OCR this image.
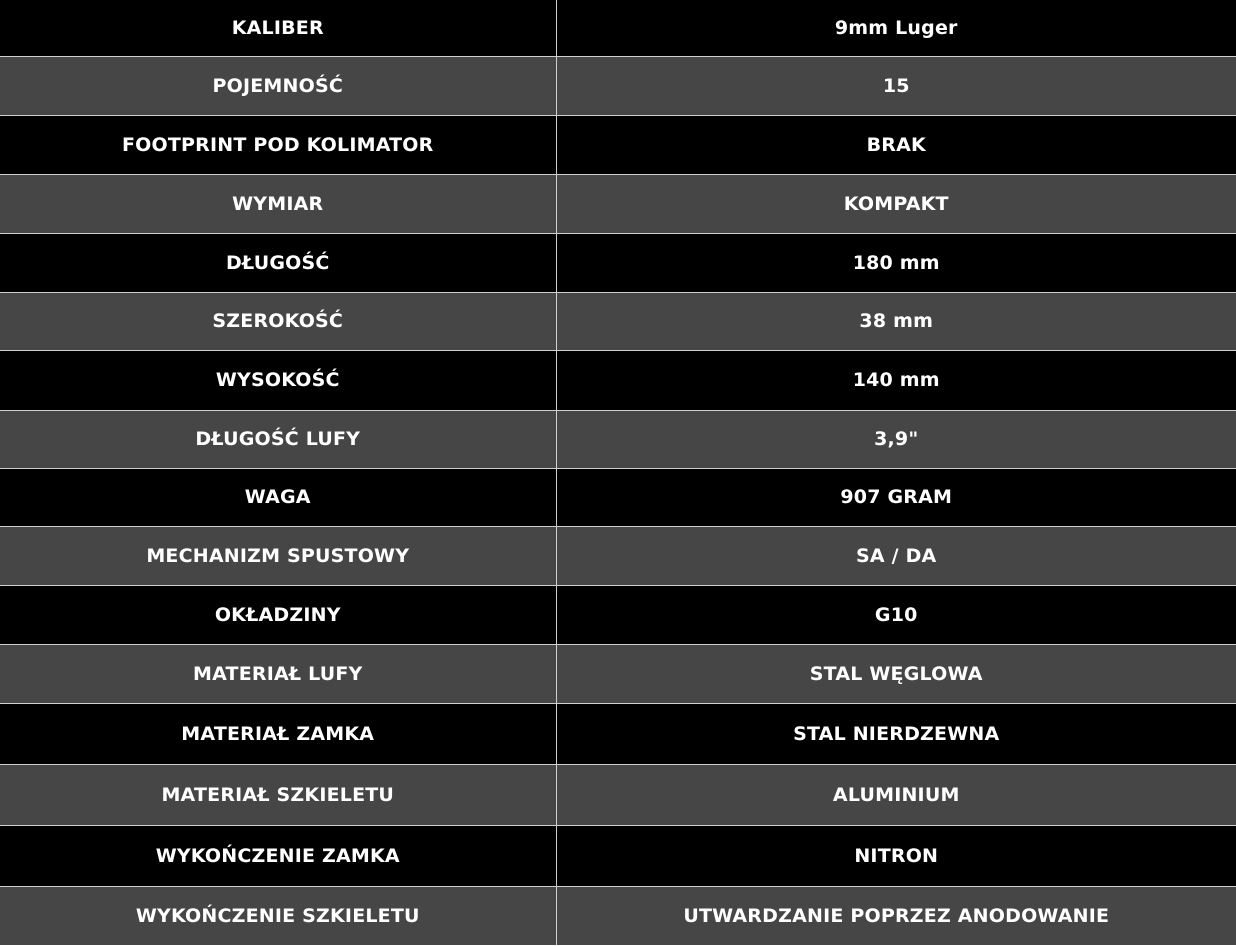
KALIBER	9mm Luger
POJEMNOŚĆ	15
FOOTPRINT POD KOLIMATOR	BRAK
WYMIAR	KOMPAKT
DŁUGOŚĆ	180 mm
SZEROKOŚĆ	38 mm
WYSOKOŚĆ	140 mm
DŁUGOŚĆ LUFY	3,9"
WAGA	907 GRAM
MECHANIZM SPUSTOWY	SA / DA
OKŁADZINY	G10
MATERIAŁ LUFY	STAL WĘGLOWA
MATERIAŁ ZAMKA	STAL NIERDZEWNA
MATERIAŁ SZKIELETU	ALUMINIUM
WYKOŃCZENIE ZAMKA	NITRON
WYKOŃCZENIE SZKIELETU	UTWARDZANIE POPRZEZ ANODOWANIE
